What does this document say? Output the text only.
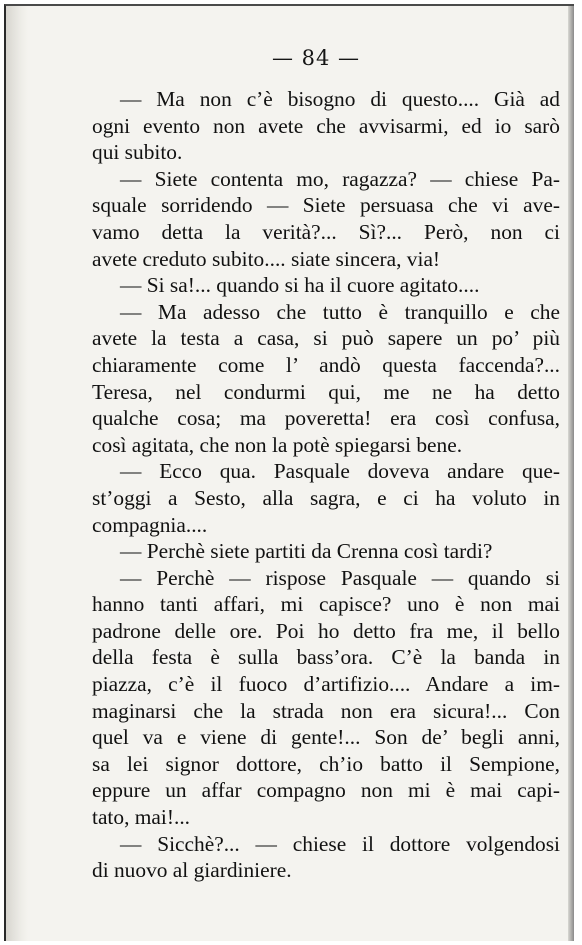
— 84 —
— Ma non c’è bisogno di questo.... Già ad
ogni evento non avete che avvisarmi, ed io sarò
qui subito.
— Siete contenta mo, ragazza? — chiese Pa-
squale sorridendo — Siete persuasa che vi ave-
vamo detta la verità?... Sì?... Però, non ci
avete creduto subito.... siate sincera, via!
— Si sa!... quando si ha il cuore agitato....
— Ma adesso che tutto è tranquillo e che
avete la testa a casa, si può sapere un po’ più
chiaramente come l’ andò questa faccenda?...
Teresa, nel condurmi qui, me ne ha detto
qualche cosa; ma poveretta! era così confusa,
così agitata, che non la potè spiegarsi bene.
— Ecco qua. Pasquale doveva andare que-
st’oggi a Sesto, alla sagra, e ci ha voluto in
compagnia....
— Perchè siete partiti da Crenna così tardi?
— Perchè — rispose Pasquale — quando si
hanno tanti affari, mi capisce? uno è non mai
padrone delle ore. Poi ho detto fra me, il bello
della festa è sulla bass’ora. C’è la banda in
piazza, c’è il fuoco d’artifizio.... Andare a im-
maginarsi che la strada non era sicura!... Con
quel va e viene di gente!... Son de’ begli anni,
sa lei signor dottore, ch’io batto il Sempione,
eppure un affar compagno non mi è mai capi-
tato, mai!...
— Sicchè?... — chiese il dottore volgendosi
di nuovo al giardiniere.
